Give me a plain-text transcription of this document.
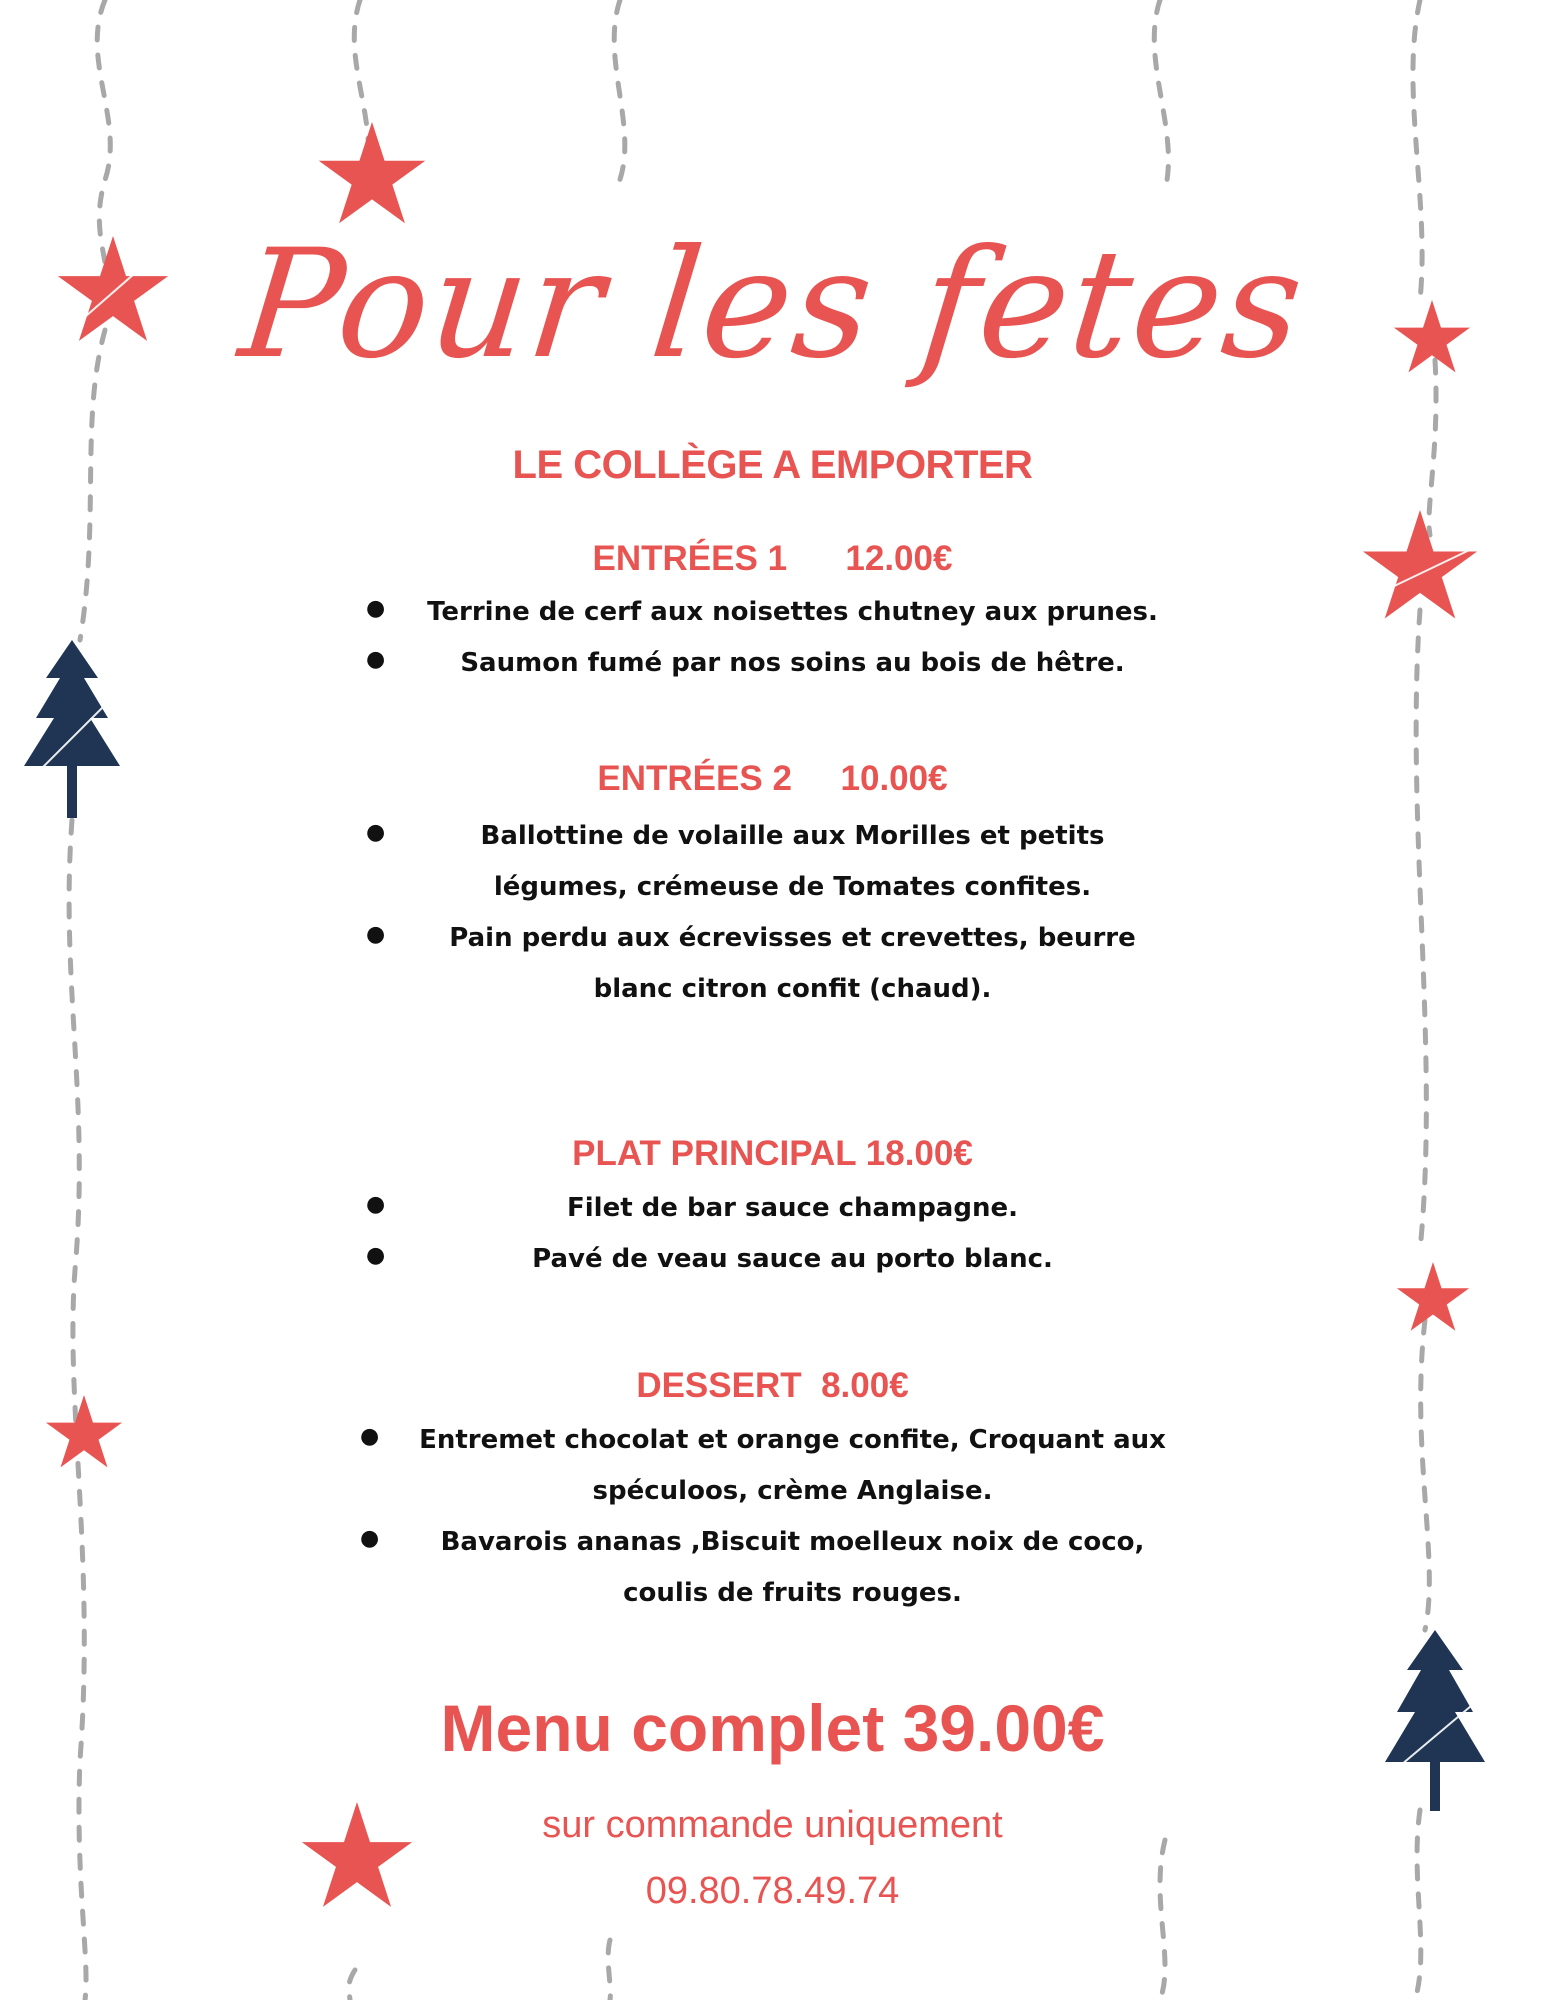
Pour les fetes
LE COLLÈGE A EMPORTER
ENTRÉES 1 12.00€
●	Terrine de cerf aux noisettes chutney aux prunes.
●	Saumon fumé par nos soins au bois de hêtre.
ENTRÉES 2 10.00€
●	Ballottine de volaille aux Morilles et petits
légumes, crémeuse de Tomates confites.
●	Pain perdu aux écrevisses et crevettes, beurre
blanc citron confit (chaud).
PLAT PRINCIPAL 18.00€
●	Filet de bar sauce champagne.
●	Pavé de veau sauce au porto blanc.
DESSERT 8.00€
●	Entremet chocolat et orange confite, Croquant aux
spéculoos, crème Anglaise.
●	Bavarois ananas ,Biscuit moelleux noix de coco,
coulis de fruits rouges.
Menu complet 39.00€
sur commande uniquement
09.80.78.49.74
